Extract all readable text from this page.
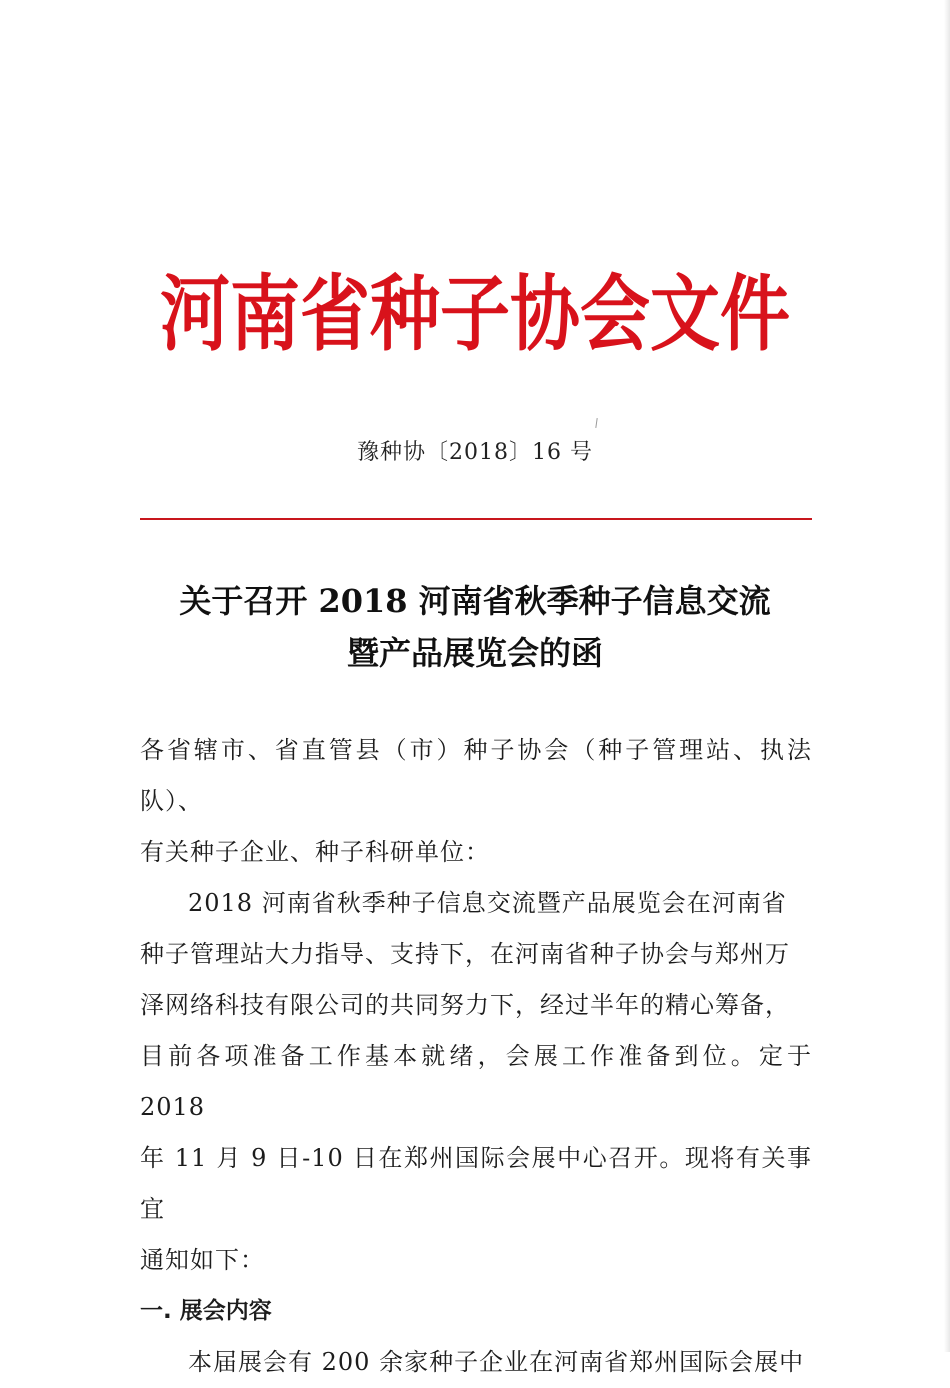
河南省种子协会文件
豫种协〔2018〕16 号
关于召开 2018 河南省秋季种子信息交流
暨产品展览会的函

各省辖市、省直管县（市）种子协会（种子管理站、执法队）、

有关种子企业、种子科研单位：

2018 河南省秋季种子信息交流暨产品展览会在河南省

种子管理站大力指导、支持下，在河南省种子协会与郑州万

泽网络科技有限公司的共同努力下，经过半年的精心筹备，

目前各项准备工作基本就绪，会展工作准备到位。定于 2018

年 11 月 9 日-10 日在郑州国际会展中心召开。现将有关事宜

通知如下：

一. 展会内容

本届展会有 200 余家种子企业在河南省郑州国际会展中
